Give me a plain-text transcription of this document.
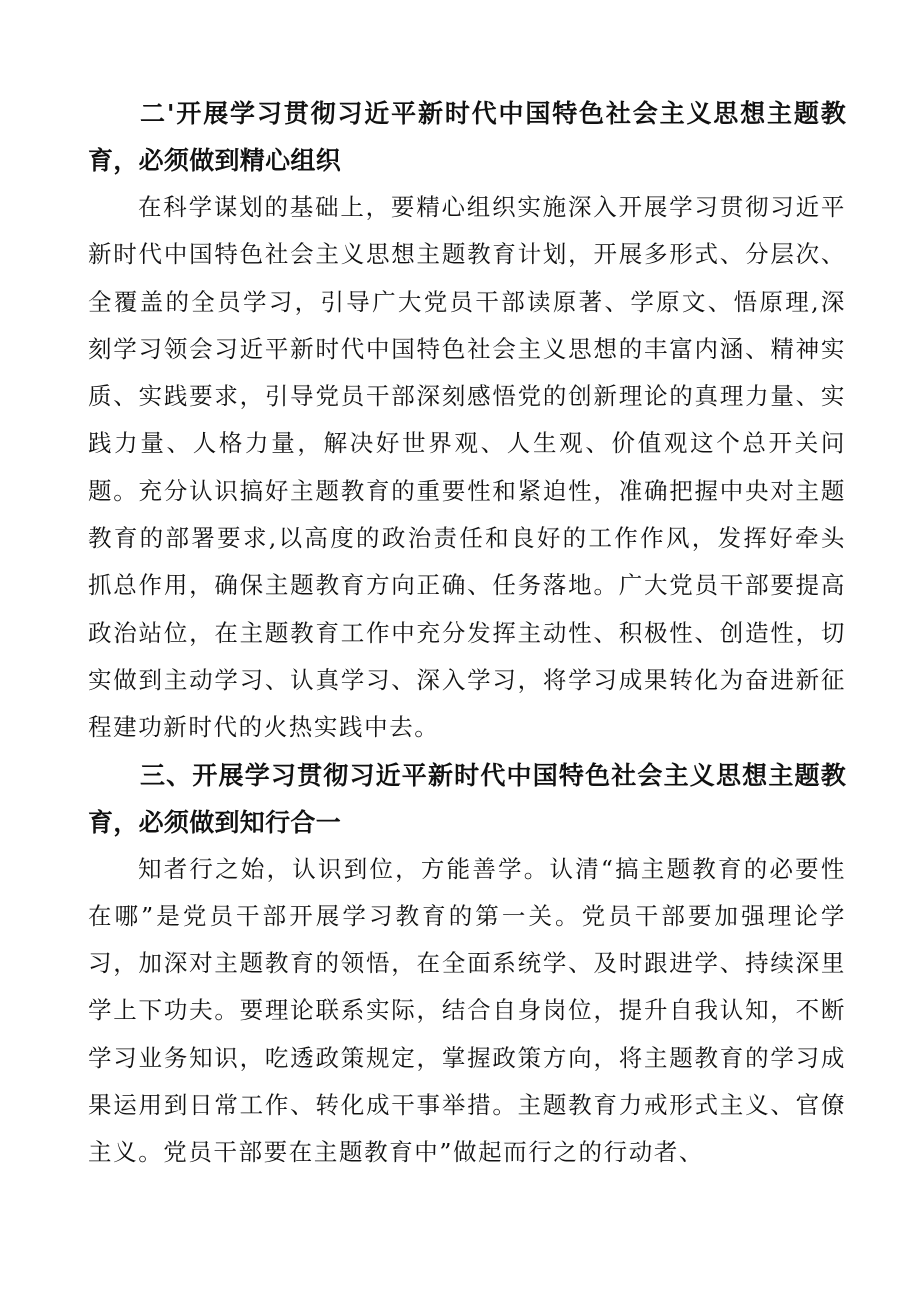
二'开展学习贯彻习近平新时代中国特色社会主义思想主题教育，必须做到精心组织

在科学谋划的基础上，要精心组织实施深入开展学习贯彻习近平新时代中国特色社会主义思想主题教育计划，开展多形式、分层次、全覆盖的全员学习，引导广大党员干部读原著、学原文、悟原理,深刻学习领会习近平新时代中国特色社会主义思想的丰富内涵、精神实质、实践要求，引导党员干部深刻感悟党的创新理论的真理力量、实践力量、人格力量，解决好世界观、人生观、价值观这个总开关问题。充分认识搞好主题教育的重要性和紧迫性，准确把握中央对主题教育的部署要求,以高度的政治责任和良好的工作作风，发挥好牵头抓总作用，确保主题教育方向正确、任务落地。广大党员干部要提高政治站位，在主题教育工作中充分发挥主动性、积极性、创造性，切实做到主动学习、认真学习、深入学习，将学习成果转化为奋进新征程建功新时代的火热实践中去。

三、开展学习贯彻习近平新时代中国特色社会主义思想主题教育，必须做到知行合一

知者行之始，认识到位，方能善学。认清“搞主题教育的必要性在哪”是党员干部开展学习教育的第一关。党员干部要加强理论学习，加深对主题教育的领悟，在全面系统学、及时跟进学、持续深里学上下功夫。要理论联系实际，结合自身岗位，提升自我认知，不断学习业务知识，吃透政策规定，掌握政策方向，将主题教育的学习成果运用到日常工作、转化成干事举措。主题教育力戒形式主义、官僚主义。党员干部要在主题教育中”做起而行之的行动者、
